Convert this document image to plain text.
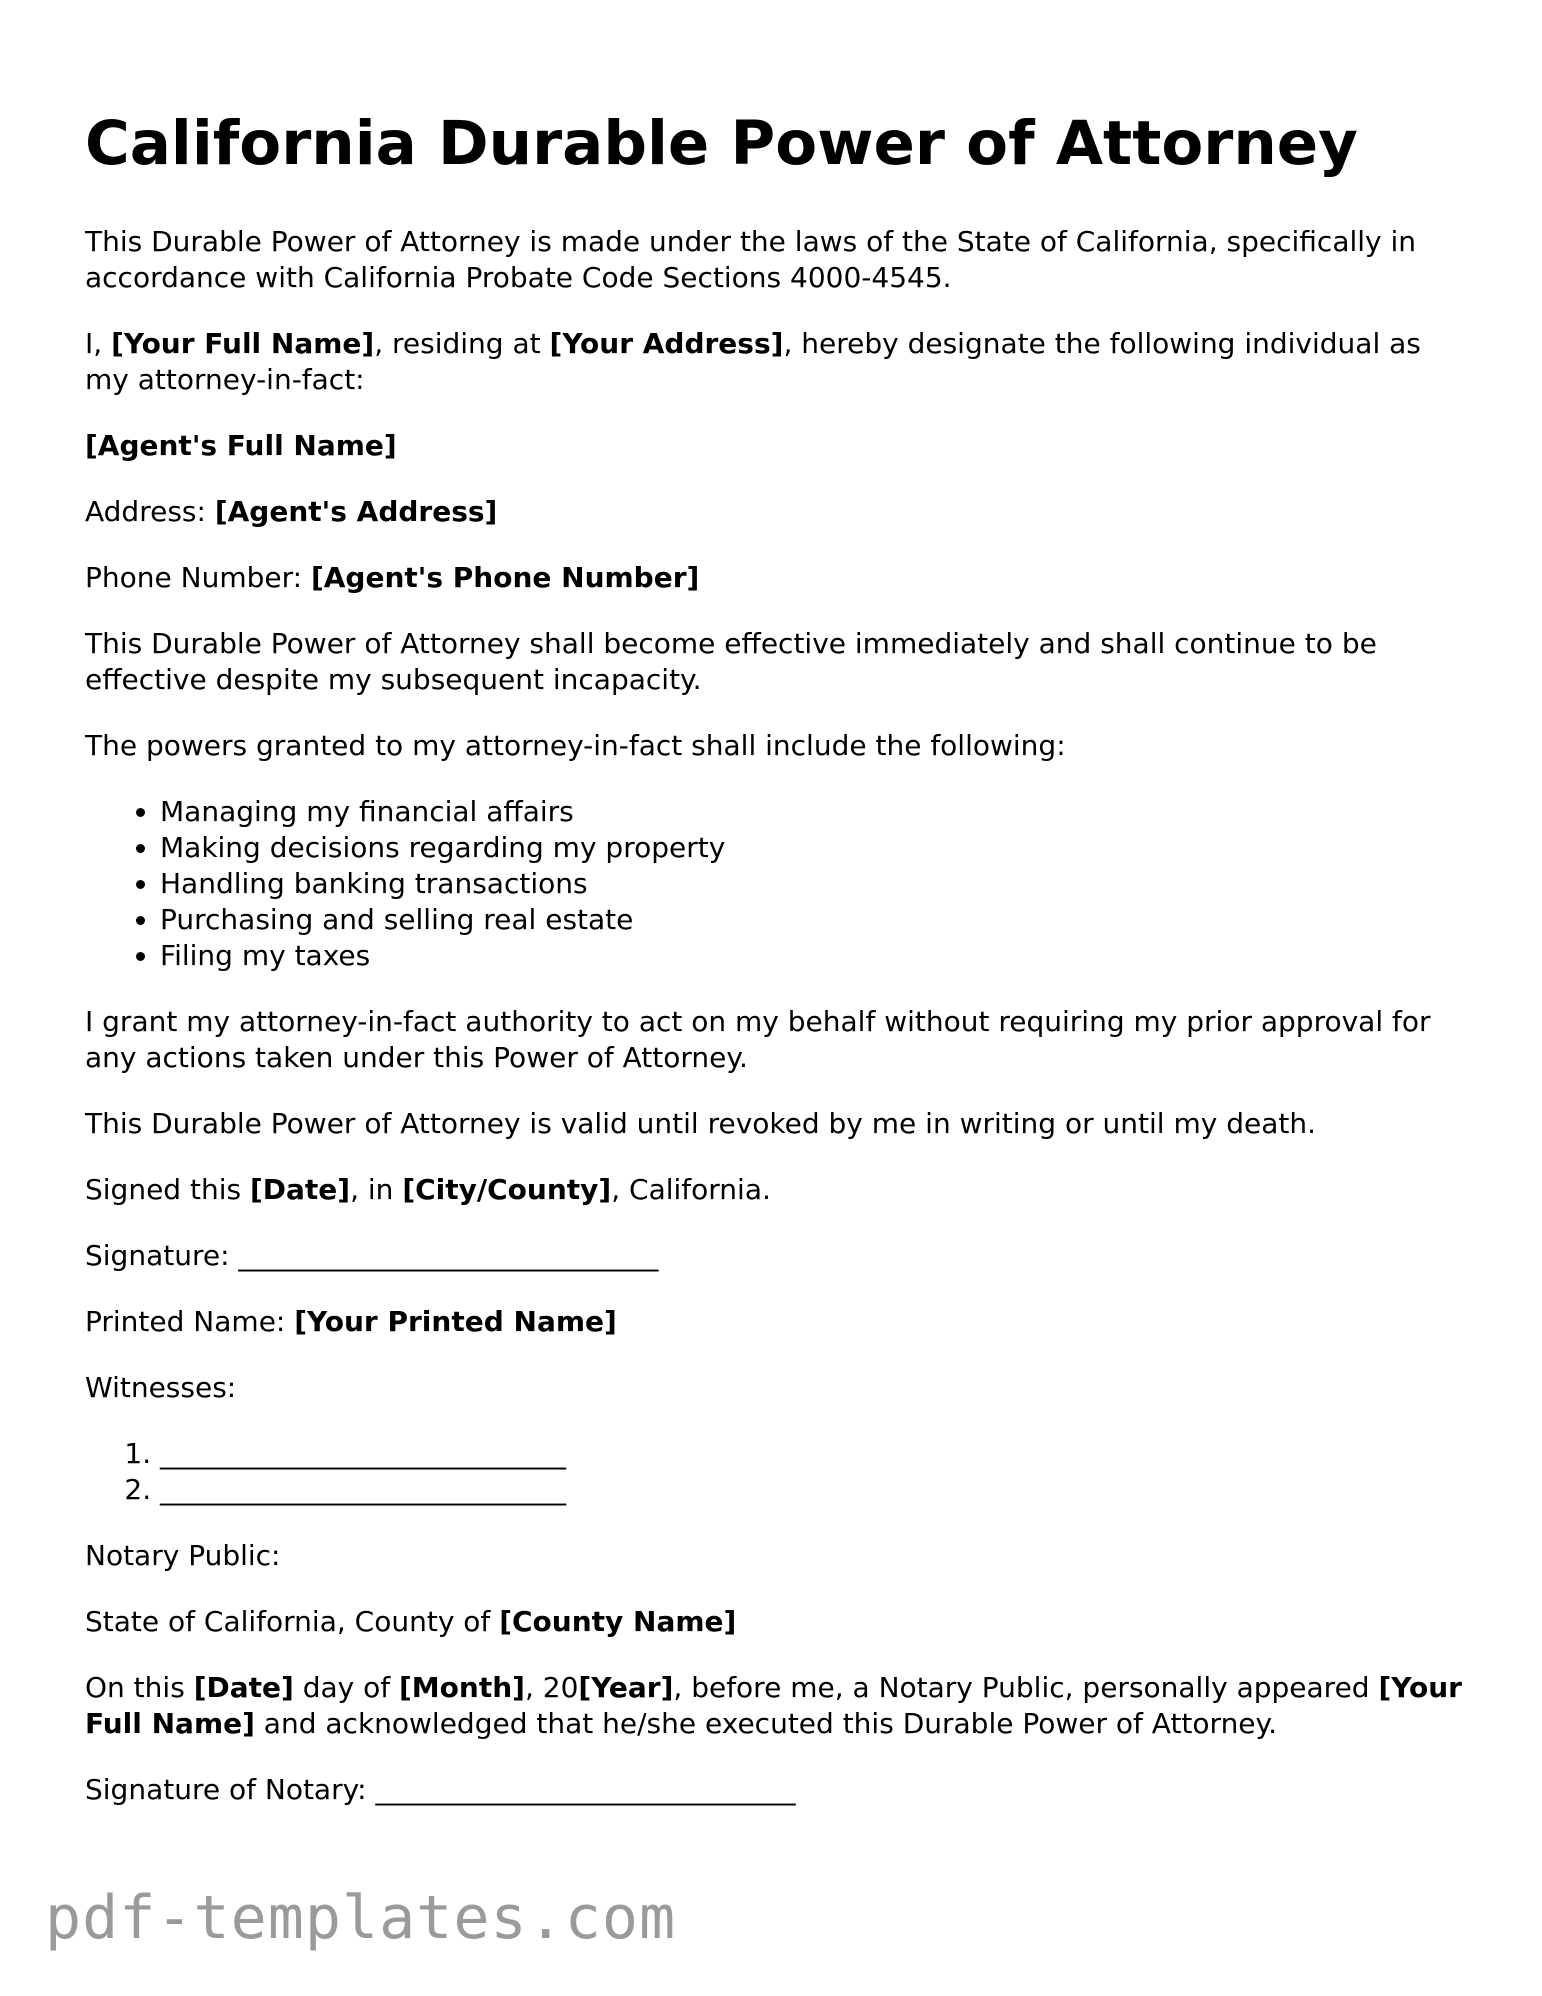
California Durable Power of Attorney

This Durable Power of Attorney is made under the laws of the State of California, specifically in accordance with California Probate Code Sections 4000-4545.

I, [Your Full Name], residing at [Your Address], hereby designate the following individual as my attorney-in-fact:

[Agent's Full Name]

Address: [Agent's Address]

Phone Number: [Agent's Phone Number]

This Durable Power of Attorney shall become effective immediately and shall continue to be effective despite my subsequent incapacity.

The powers granted to my attorney-in-fact shall include the following:

• Managing my financial affairs
• Making decisions regarding my property
• Handling banking transactions
• Purchasing and selling real estate
• Filing my taxes

I grant my attorney-in-fact authority to act on my behalf without requiring my prior approval for any actions taken under this Power of Attorney.

This Durable Power of Attorney is valid until revoked by me in writing or until my death.

Signed this [Date], in [City/County], California.

Signature: ______________________________

Printed Name: [Your Printed Name]

Witnesses:

1. _____________________________
2. _____________________________

Notary Public:

State of California, County of [County Name]

On this [Date] day of [Month], 20[Year], before me, a Notary Public, personally appeared [Your Full Name] and acknowledged that he/she executed this Durable Power of Attorney.

Signature of Notary: ______________________________

pdf-templates.com
